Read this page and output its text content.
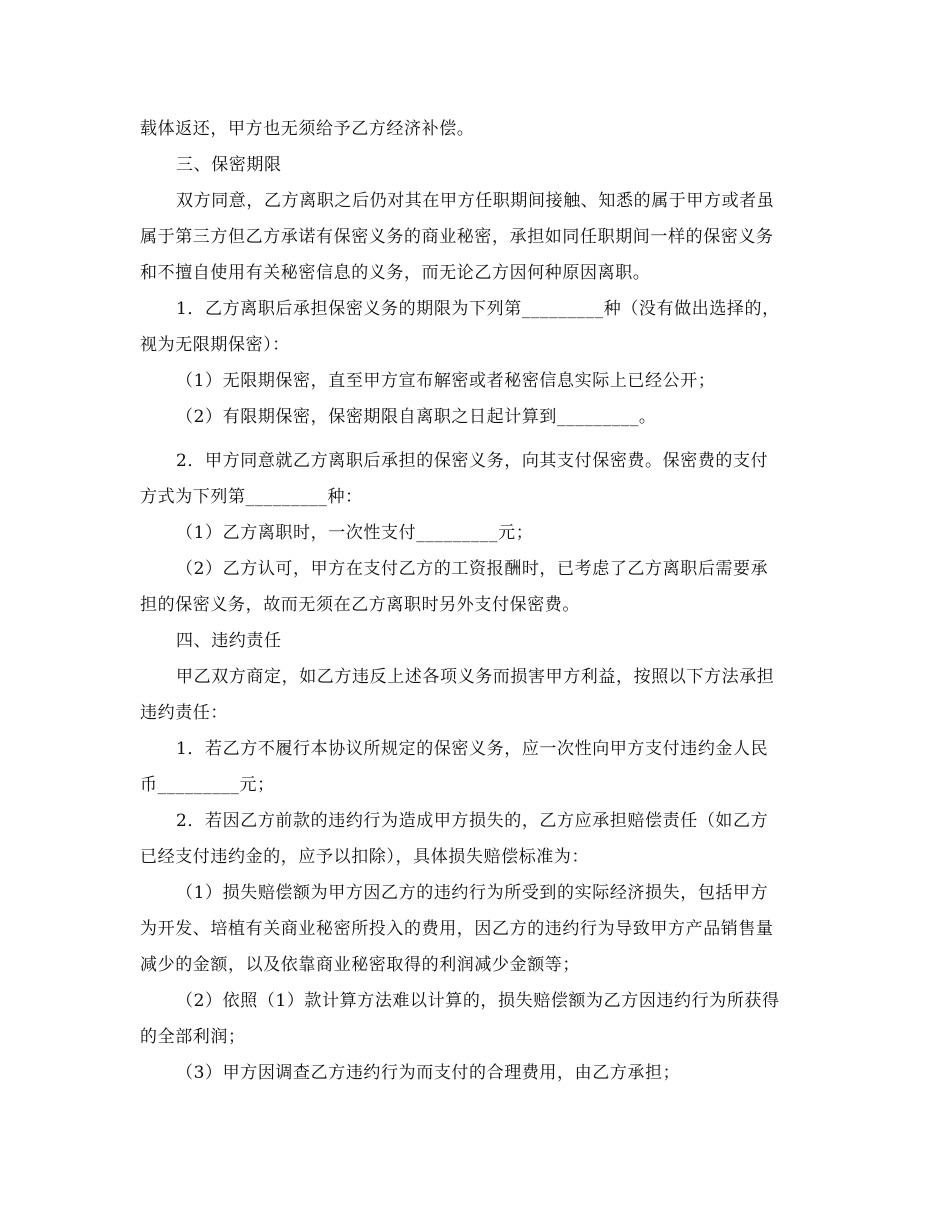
载体返还，甲方也无须给予乙方经济补偿。
三、保密期限
双方同意，乙方离职之后仍对其在甲方任职期间接触、知悉的属于甲方或者虽
属于第三方但乙方承诺有保密义务的商业秘密，承担如同任职期间一样的保密义务
和不擅自使用有关秘密信息的义务，而无论乙方因何种原因离职。
1．乙方离职后承担保密义务的期限为下列第_________种（没有做出选择的，
视为无限期保密）：
（1）无限期保密，直至甲方宣布解密或者秘密信息实际上已经公开；
（2）有限期保密，保密期限自离职之日起计算到_________。
2．甲方同意就乙方离职后承担的保密义务，向其支付保密费。保密费的支付
方式为下列第_________种：
（1）乙方离职时，一次性支付_________元；
（2）乙方认可，甲方在支付乙方的工资报酬时，已考虑了乙方离职后需要承
担的保密义务，故而无须在乙方离职时另外支付保密费。
四、违约责任
甲乙双方商定，如乙方违反上述各项义务而损害甲方利益，按照以下方法承担
违约责任：
1．若乙方不履行本协议所规定的保密义务，应一次性向甲方支付违约金人民
币_________元；
2．若因乙方前款的违约行为造成甲方损失的，乙方应承担赔偿责任（如乙方
已经支付违约金的，应予以扣除），具体损失赔偿标准为：
（1）损失赔偿额为甲方因乙方的违约行为所受到的实际经济损失，包括甲方
为开发、培植有关商业秘密所投入的费用，因乙方的违约行为导致甲方产品销售量
减少的金额，以及依靠商业秘密取得的利润减少金额等；
（2）依照（1）款计算方法难以计算的，损失赔偿额为乙方因违约行为所获得
的全部利润；
（3）甲方因调查乙方违约行为而支付的合理费用，由乙方承担；
